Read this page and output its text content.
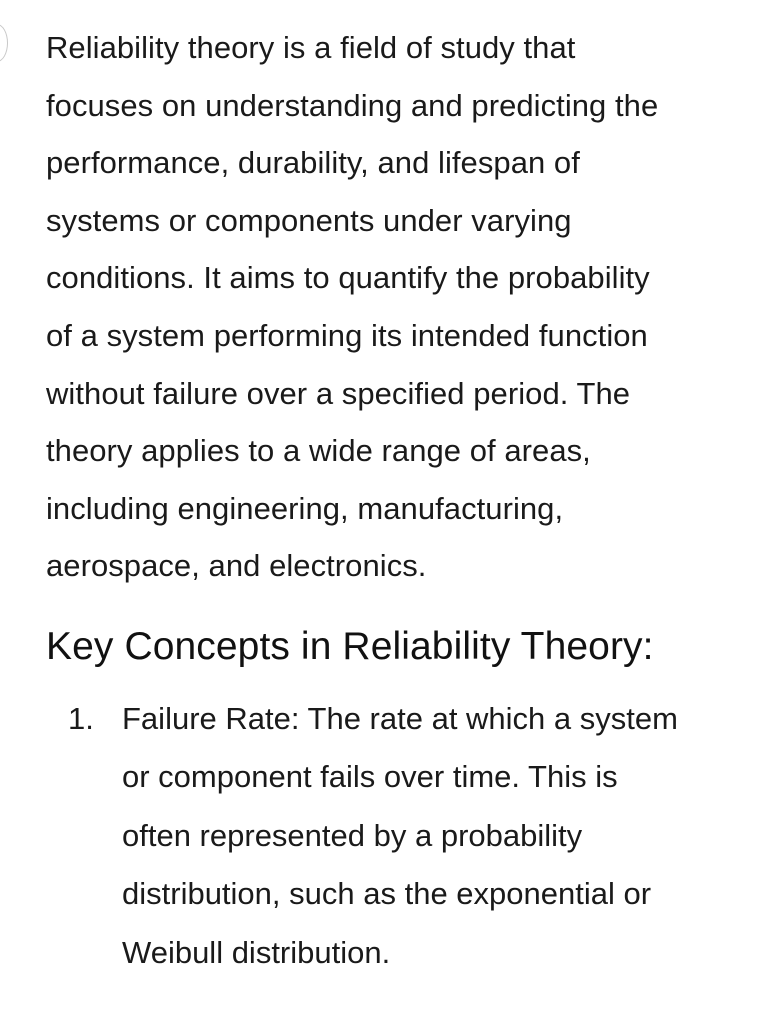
Reliability theory is a field of study that
focuses on understanding and predicting the
performance, durability, and lifespan of
systems or components under varying
conditions. It aims to quantify the probability
of a system performing its intended function
without failure over a specified period. The
theory applies to a wide range of areas,
including engineering, manufacturing,
aerospace, and electronics.

Key Concepts in Reliability Theory:
1. Failure Rate: The rate at which a system
or component fails over time. This is
often represented by a probability
distribution, such as the exponential or
Weibull distribution.
